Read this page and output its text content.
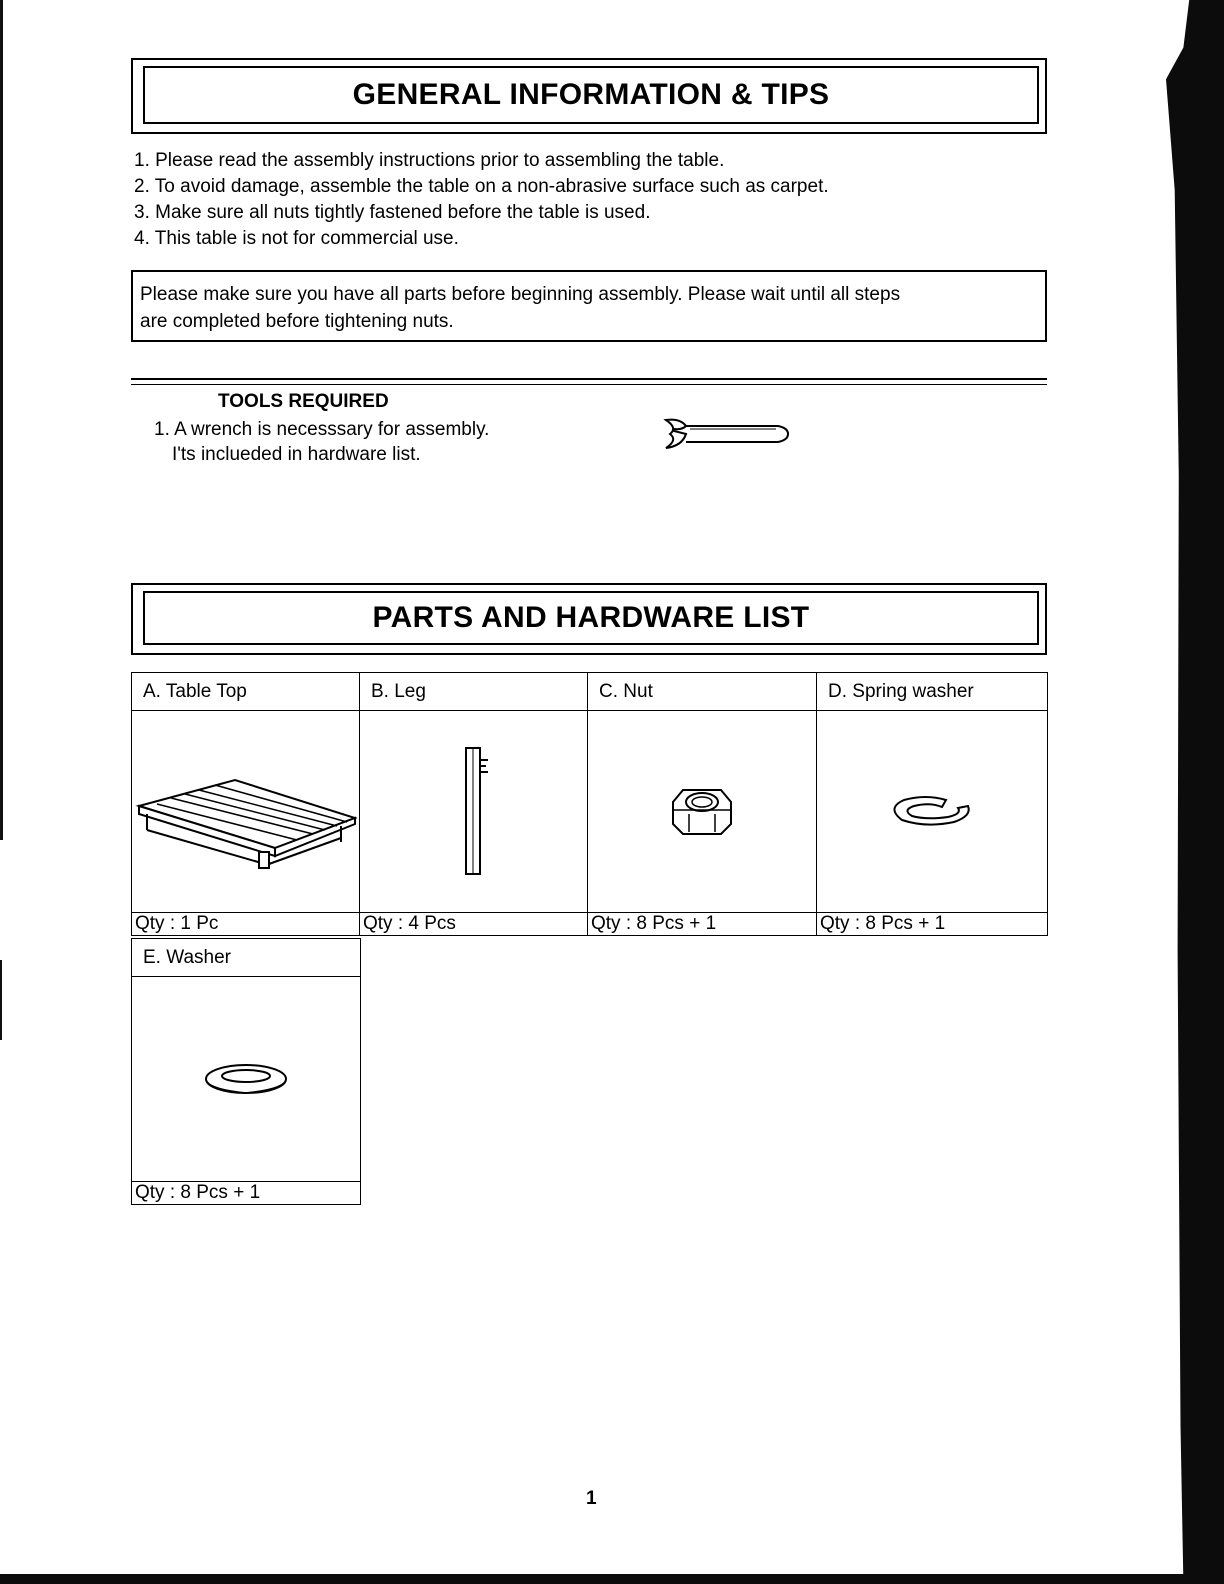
GENERAL INFORMATION & TIPS
1. Please read the assembly instructions prior to assembling the table.
2. To avoid damage, assemble the table on a non-abrasive surface such as carpet.
3. Make sure all nuts tightly fastened before the table is used.
4. This table is not for commercial use.
Please make sure you have all parts before beginning assembly. Please wait until all steps
are completed before tightening nuts.
TOOLS REQUIRED
1. A wrench is necesssary for assembly.
I'ts inclueded in hardware list.
PARTS AND HARDWARE LIST
A. Table Top	B. Leg	C. Nut	D. Spring washer

Qty : 1 Pc	Qty : 4 Pcs	Qty : 8 Pcs + 1	Qty : 8 Pcs + 1
E. Washer

Qty : 8 Pcs + 1
1
